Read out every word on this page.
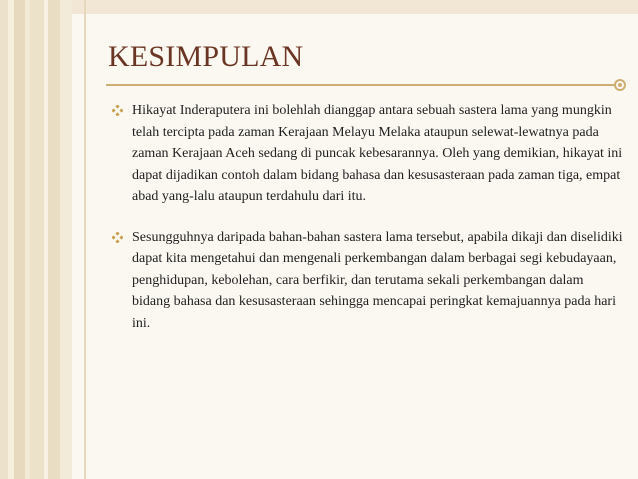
KESIMPULAN
Hikayat Inderaputera ini bolehlah dianggap antara sebuah sastera lama yang mungkin telah tercipta pada zaman Kerajaan Melayu Melaka ataupun selewat-lewatnya pada zaman Kerajaan Aceh sedang di puncak kebesarannya. Oleh yang demikian, hikayat ini dapat dijadikan contoh dalam bidang bahasa dan kesusasteraan pada zaman tiga, empat abad yang-lalu ataupun terdahulu dari itu.
Sesungguhnya daripada bahan-bahan sastera lama tersebut, apabila dikaji dan diselidiki dapat kita mengetahui dan mengenali perkembangan dalam berbagai segi kebudayaan, penghidupan, kebolehan, cara berfikir, dan terutama sekali perkembangan dalam bidang bahasa dan kesusasteraan sehingga mencapai peringkat kemajuannya pada hari ini.
